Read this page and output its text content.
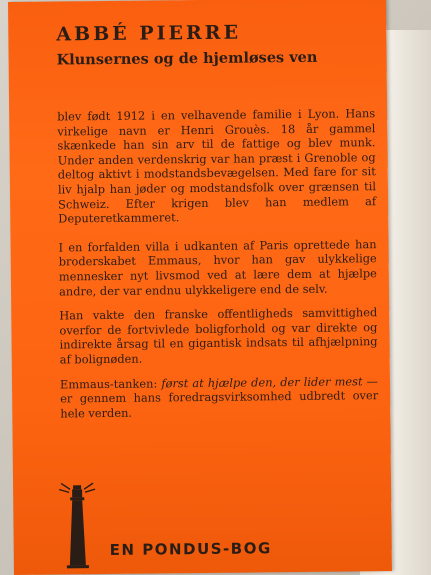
ABBÉ PIERRE
Klunsernes og de hjemløses ven

blev født 1912 i en velhavende familie i Lyon. Hans virkelige navn er Henri Grouès. 18 år gammel skænkede han sin arv til de fattige og blev munk. Under anden verdenskrig var han præst i Grenoble og deltog aktivt i modstandsbevægelsen. Med fare for sit liv hjalp han jøder og modstandsfolk over grænsen til Schweiz. Efter krigen blev han medlem af Deputeretkammeret.

I en forfalden villa i udkanten af Paris oprettede han broderskabet Emmaus, hvor han gav ulykkelige mennesker nyt livsmod ved at lære dem at hjælpe andre, der var endnu ulykkeligere end de selv.

Han vakte den franske offentligheds samvittighed overfor de fortvivlede boligforhold og var direkte og indirekte årsag til en gigantisk indsats til afhjælpning af bolignøden.

Emmaus-tanken: først at hjælpe den, der lider mest — er gennem hans foredragsvirksomhed udbredt over hele verden.

EN PONDUS-BOG
